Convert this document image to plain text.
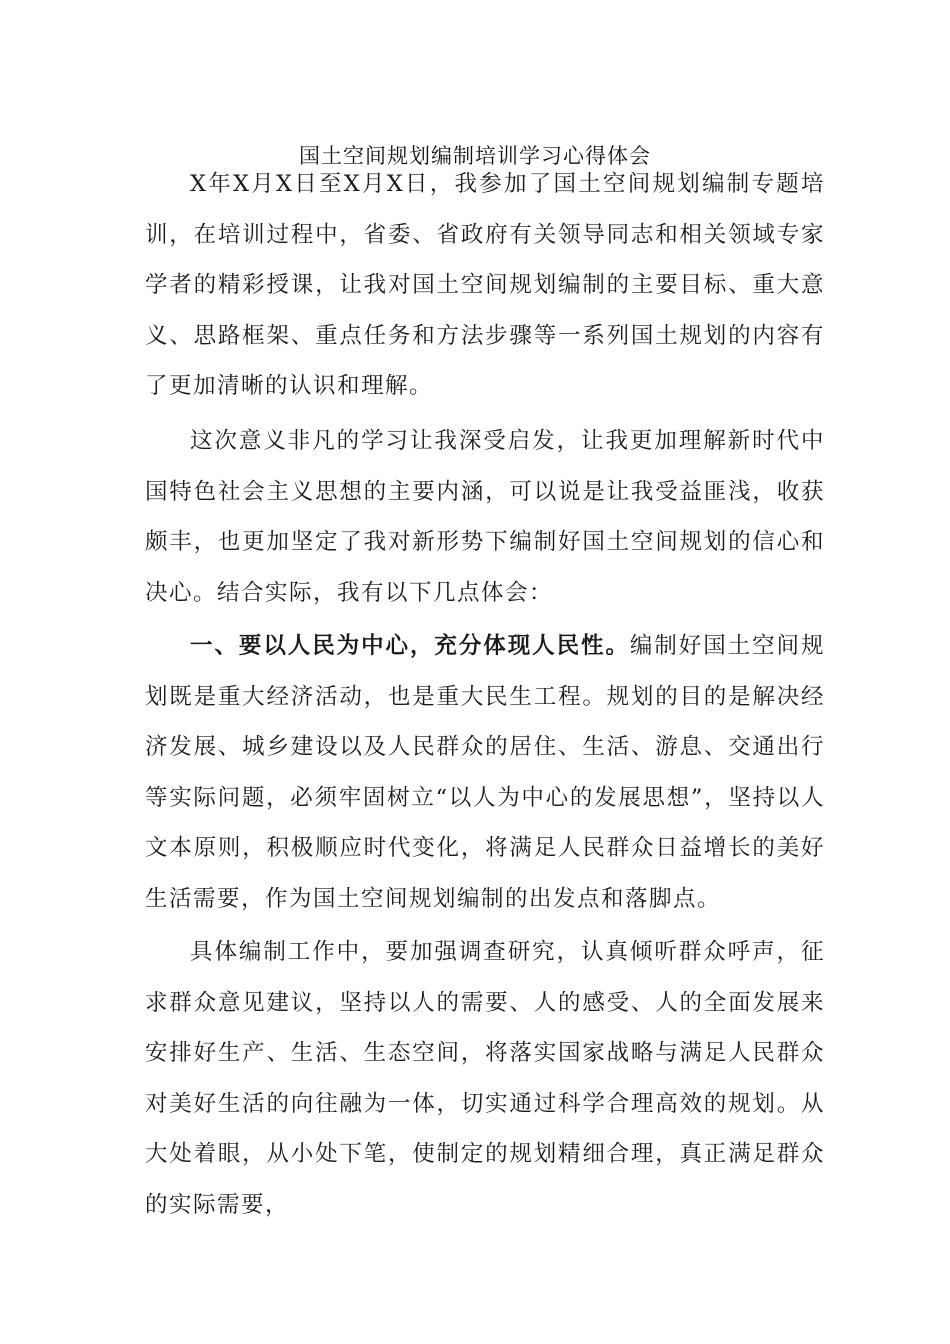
国土空间规划编制培训学习心得体会

X年X月X日至X月X日，我参加了国土空间规划编制专题培训，在培训过程中，省委、省政府有关领导同志和相关领域专家学者的精彩授课，让我对国土空间规划编制的主要目标、重大意义、思路框架、重点任务和方法步骤等一系列国土规划的内容有了更加清晰的认识和理解。

这次意义非凡的学习让我深受启发，让我更加理解新时代中国特色社会主义思想的主要内涵，可以说是让我受益匪浅，收获颇丰，也更加坚定了我对新形势下编制好国土空间规划的信心和决心。结合实际，我有以下几点体会：

一、要以人民为中心，充分体现人民性。编制好国土空间规划既是重大经济活动，也是重大民生工程。规划的目的是解决经济发展、城乡建设以及人民群众的居住、生活、游息、交通出行等实际问题，必须牢固树立“以人为中心的发展思想”，坚持以人文本原则，积极顺应时代变化，将满足人民群众日益增长的美好生活需要，作为国土空间规划编制的出发点和落脚点。

具体编制工作中，要加强调查研究，认真倾听群众呼声，征求群众意见建议，坚持以人的需要、人的感受、人的全面发展来安排好生产、生活、生态空间，将落实国家战略与满足人民群众对美好生活的向往融为一体，切实通过科学合理高效的规划。从大处着眼，从小处下笔，使制定的规划精细合理，真正满足群众的实际需要，
